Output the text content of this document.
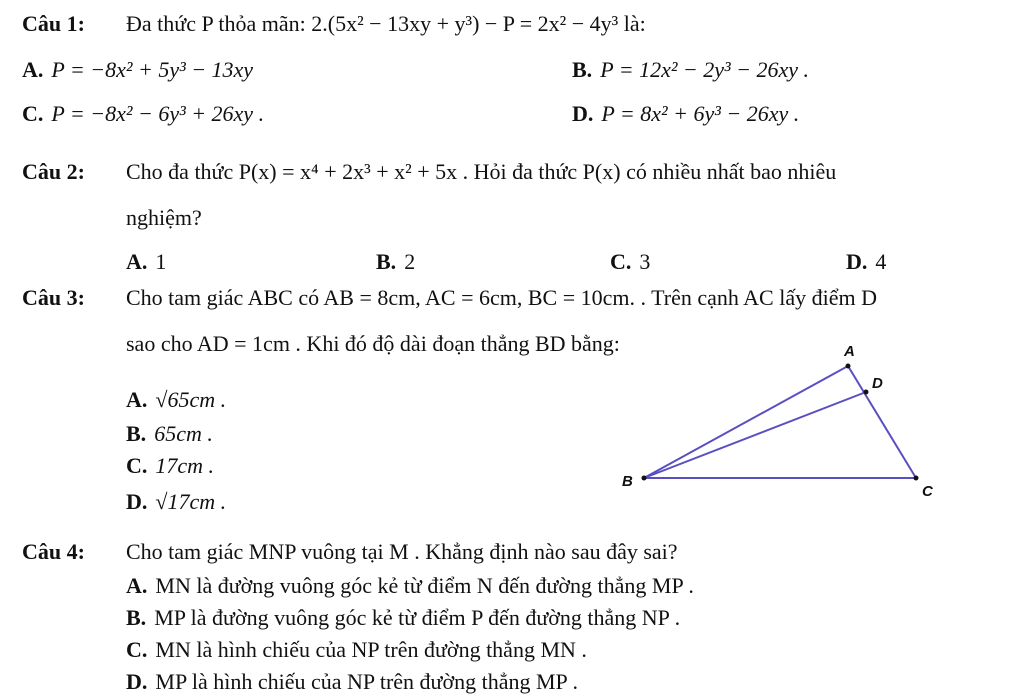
Câu 1: Đa thức P thỏa mãn: 2.(5x² − 13xy + y³) − P = 2x² − 4y³ là:
A. P = −8x² + 5y³ − 13xy	B. P = 12x² − 2y³ − 26xy .
C. P = −8x² − 6y³ + 26xy .	D. P = 8x² + 6y³ − 26xy .
Câu 2: Cho đa thức P(x) = x⁴ + 2x³ + x² + 5x . Hỏi đa thức P(x) có nhiều nhất bao nhiêu
nghiệm?
A. 1	B. 2	C. 3	D. 4
Câu 3: Cho tam giác ABC có AB = 8cm, AC = 6cm, BC = 10cm. . Trên cạnh AC lấy điểm D
sao cho AD = 1cm . Khi đó độ dài đoạn thẳng BD bằng:
A. √65cm .
B. 65cm .
C. 17cm .
D. √17cm .
A
D
B
C
Câu 4: Cho tam giác MNP vuông tại M . Khẳng định nào sau đây sai?
A. MN là đường vuông góc kẻ từ điểm N đến đường thẳng MP .
B. MP là đường vuông góc kẻ từ điểm P đến đường thẳng NP .
C. MN là hình chiếu của NP trên đường thẳng MN .
D. MP là hình chiếu của NP trên đường thẳng MP .
